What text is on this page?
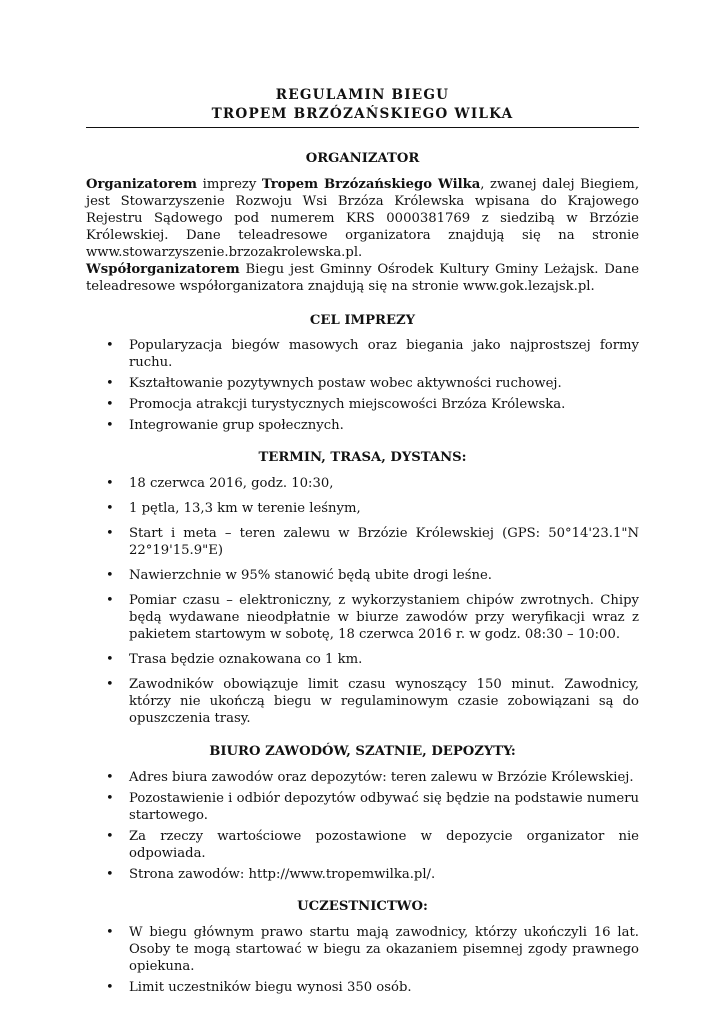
REGULAMIN BIEGU

TROPEM BRZÓZAŃSKIEGO WILKA

ORGANIZATOR

Organizatorem imprezy Tropem Brzózańskiego Wilka, zwanej dalej Biegiem, jest Stowarzyszenie Rozwoju Wsi Brzóza Królewska wpisana do Krajowego Rejestru Sądowego pod numerem KRS 0000381769 z siedzibą w Brzózie Królewskiej. Dane teleadresowe organizatora znajdują się na stronie www.stowarzyszenie.brzozakrolewska.pl.

Współorganizatorem Biegu jest Gminny Ośrodek Kultury Gminy Leżajsk. Dane teleadresowe współorganizatora znajdują się na stronie www.gok.lezajsk.pl.

CEL IMPREZY
• Popularyzacja biegów masowych oraz biegania jako najprostszej formy ruchu.
• Kształtowanie pozytywnych postaw wobec aktywności ruchowej.
• Promocja atrakcji turystycznych miejscowości Brzóza Królewska.
• Integrowanie grup społecznych.
TERMIN, TRASA, DYSTANS:
• 18 czerwca 2016, godz. 10:30,
• 1 pętla, 13,3 km w terenie leśnym,
• Start i meta – teren zalewu w Brzózie Królewskiej (GPS: 50°14'23.1"N 22°19'15.9"E)
• Nawierzchnie w 95% stanowić będą ubite drogi leśne.
• Pomiar czasu – elektroniczny, z wykorzystaniem chipów zwrotnych. Chipy będą wydawane nieodpłatnie w biurze zawodów przy weryfikacji wraz z pakietem startowym w sobotę, 18 czerwca 2016 r. w godz. 08:30 – 10:00.
• Trasa będzie oznakowana co 1 km.
• Zawodników obowiązuje limit czasu wynoszący 150 minut. Zawodnicy, którzy nie ukończą biegu w regulaminowym czasie zobowiązani są do opuszczenia trasy.
BIURO ZAWODÓW, SZATNIE, DEPOZYTY:
• Adres biura zawodów oraz depozytów: teren zalewu w Brzózie Królewskiej.
• Pozostawienie i odbiór depozytów odbywać się będzie na podstawie numeru startowego.
• Za rzeczy wartościowe pozostawione w depozycie organizator nie odpowiada.
• Strona zawodów: http://www.tropemwilka.pl/.
UCZESTNICTWO:
• W biegu głównym prawo startu mają zawodnicy, którzy ukończyli 16 lat. Osoby te mogą startować w biegu za okazaniem pisemnej zgody prawnego opiekuna.
• Limit uczestników biegu wynosi 350 osób.
